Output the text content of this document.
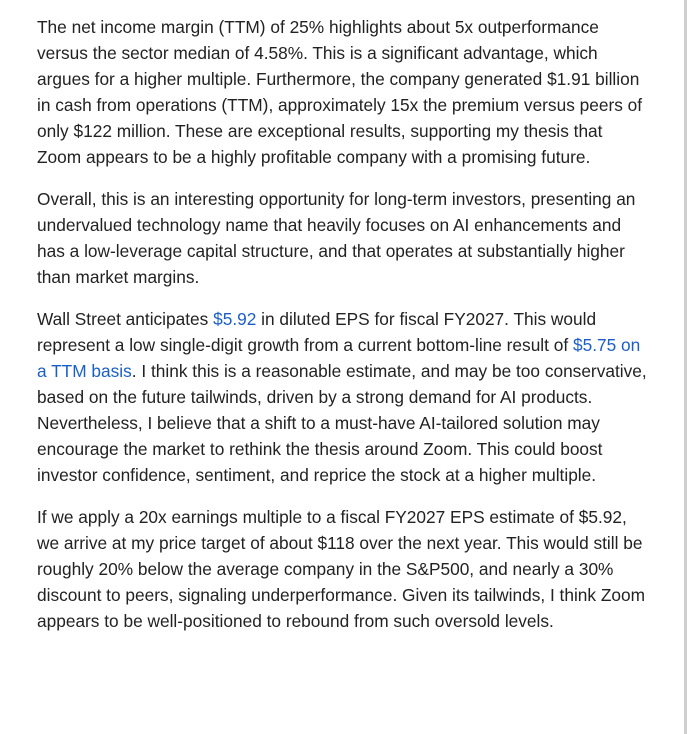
The net income margin (TTM) of 25% highlights about 5x outperformance versus the sector median of 4.58%. This is a significant advantage, which argues for a higher multiple. Furthermore, the company generated $1.91 billion in cash from operations (TTM), approximately 15x the premium versus peers of only $122 million. These are exceptional results, supporting my thesis that Zoom appears to be a highly profitable company with a promising future.

Overall, this is an interesting opportunity for long-term investors, presenting an undervalued technology name that heavily focuses on AI enhancements and has a low-leverage capital structure, and that operates at substantially higher than market margins.

Wall Street anticipates $5.92 in diluted EPS for fiscal FY2027. This would represent a low single-digit growth from a current bottom-line result of $5.75 on a TTM basis. I think this is a reasonable estimate, and may be too conservative, based on the future tailwinds, driven by a strong demand for AI products. Nevertheless, I believe that a shift to a must-have AI-tailored solution may encourage the market to rethink the thesis around Zoom. This could boost investor confidence, sentiment, and reprice the stock at a higher multiple.

If we apply a 20x earnings multiple to a fiscal FY2027 EPS estimate of $5.92, we arrive at my price target of about $118 over the next year. This would still be roughly 20% below the average company in the S&P500, and nearly a 30% discount to peers, signaling underperformance. Given its tailwinds, I think Zoom appears to be well-positioned to rebound from such oversold levels.
